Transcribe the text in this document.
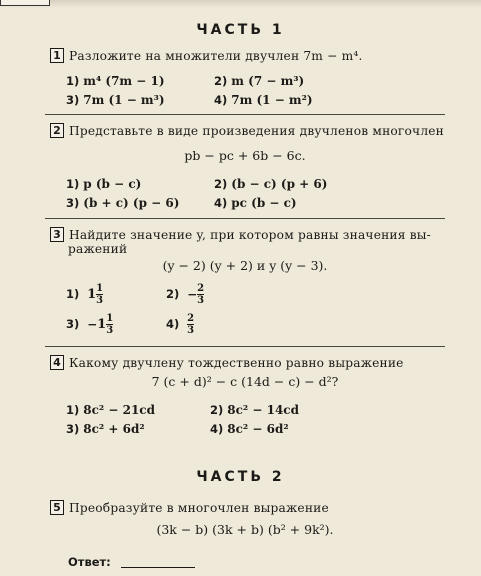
ЧАСТЬ 1
1 Разложите на множители двучлен 7m − m⁴.
1) m⁴ (7m − 1)	2) m (7 − m³)
3) 7m (1 − m³)	4) 7m (1 − m²)
2 Представьте в виде произведения двучленов многочлен
pb − pc + 6b − 6c.
1) p (b − c)	2) (b − c) (p + 6)
3) (b + c) (p − 6)	4) pc (b − c)
3 Найдите значение y, при котором равны значения вы-
ражений
(y − 2) (y + 2) и y (y − 3).
1) $1 \frac{1}{3}$	$2) - \frac{2}{3}$
$3) -1 \frac{1}{3}$	$4) \frac{2}{3}$
4 Какому двучлену тождественно равно выражение
7 (c + d)² − c (14d − c) − d²?
1) 8c² − 21cd	2) 8c² − 14cd
3) 8c² + 6d²	4) 8c² − 6d²
ЧАСТЬ 2
5 Преобразуйте в многочлен выражение
(3k − b) (3k + b) (b² + 9k²).
Ответ:
